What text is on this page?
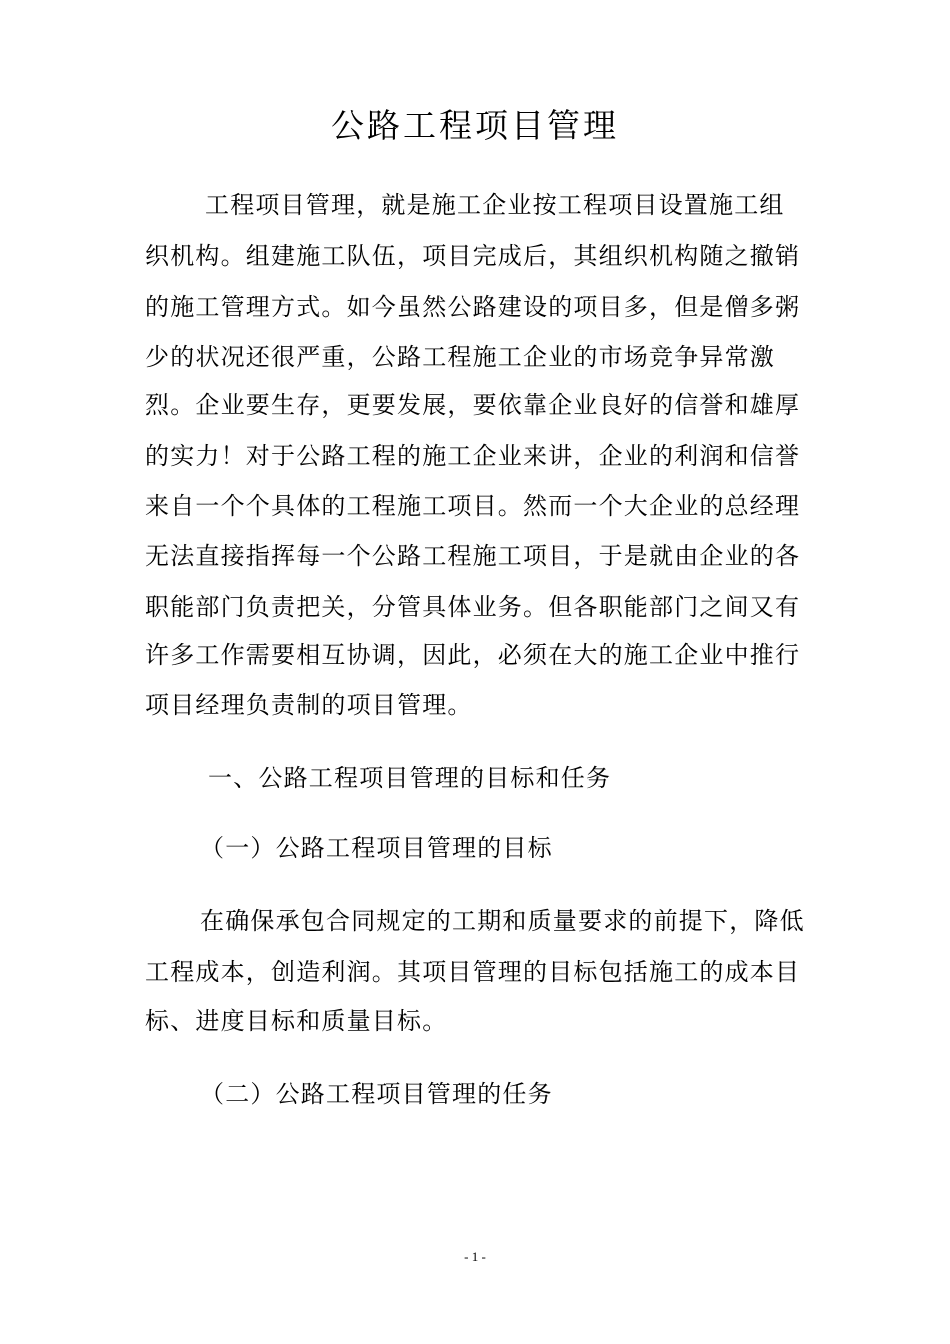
公路工程项目管理

工程项目管理，就是施工企业按工程项目设置施工组

织机构。组建施工队伍，项目完成后，其组织机构随之撤销

的施工管理方式。如今虽然公路建设的项目多，但是僧多粥

少的状况还很严重，公路工程施工企业的市场竞争异常激

烈。企业要生存，更要发展，要依靠企业良好的信誉和雄厚

的实力！对于公路工程的施工企业来讲，企业的利润和信誉

来自一个个具体的工程施工项目。然而一个大企业的总经理

无法直接指挥每一个公路工程施工项目，于是就由企业的各

职能部门负责把关，分管具体业务。但各职能部门之间又有

许多工作需要相互协调，因此，必须在大的施工企业中推行

项目经理负责制的项目管理。

一、公路工程项目管理的目标和任务

（一）公路工程项目管理的目标

在确保承包合同规定的工期和质量要求的前提下，降低

工程成本，创造利润。其项目管理的目标包括施工的成本目

标、进度目标和质量目标。

（二）公路工程项目管理的任务

- 1 -
